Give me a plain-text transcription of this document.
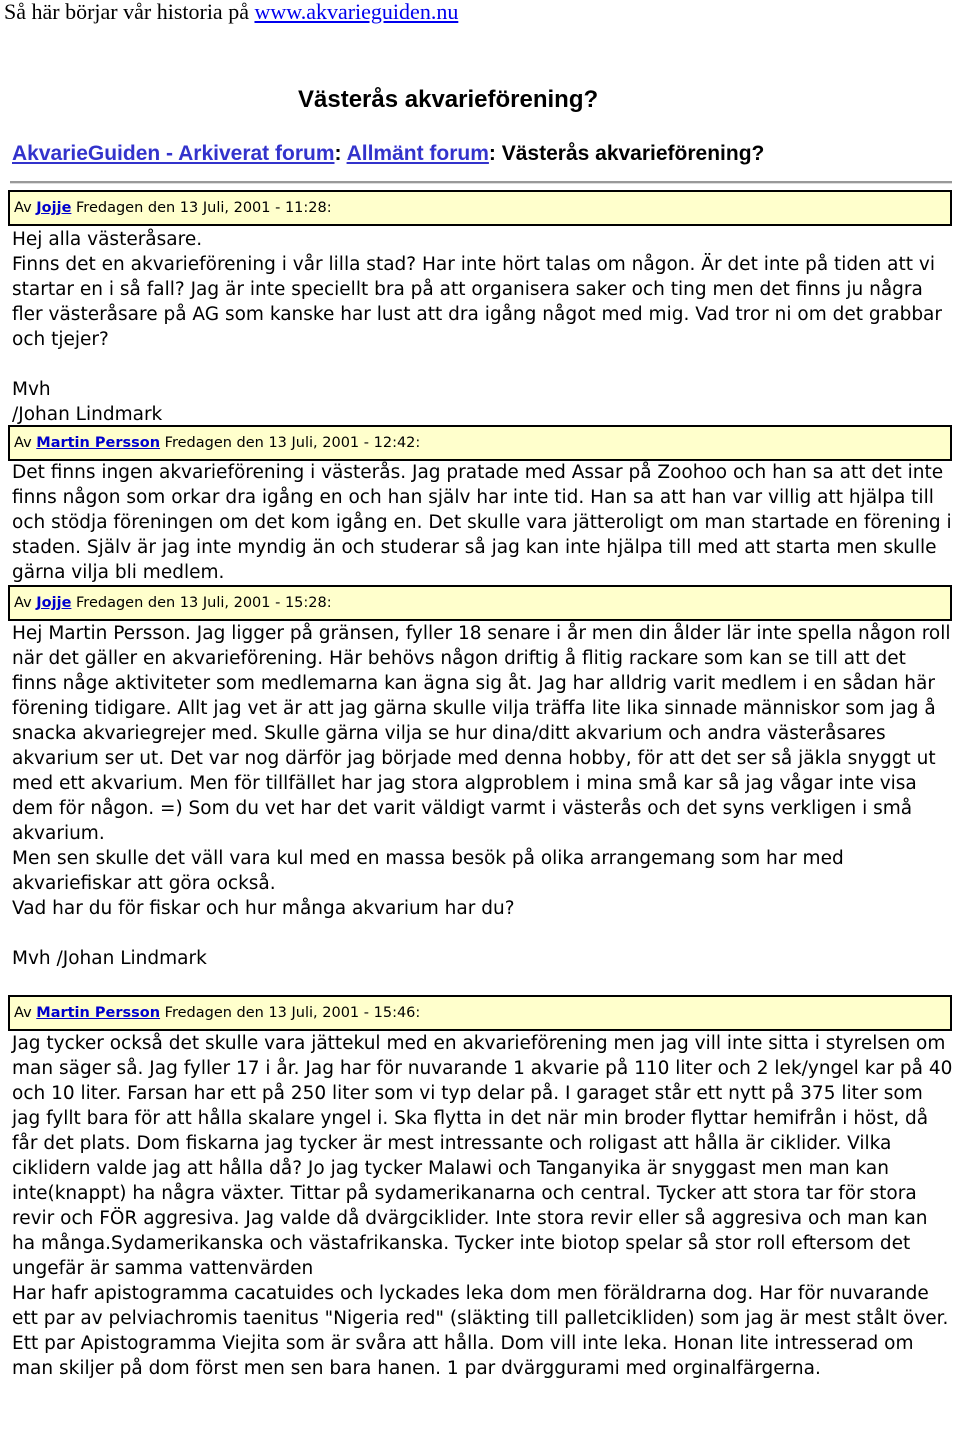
Så här börjar vår historia på www.akvarieguiden.nu
Västerås akvarieförening?
AkvarieGuiden - Arkiverat forum: Allmänt forum: Västerås akvarieförening?
Av Jojje Fredagen den 13 Juli, 2001 - 11:28:

Hej alla västeråsare.

Finns det en akvarieförening i vår lilla stad? Har inte hört talas om någon. Är det inte på tiden att vi startar en i så fall? Jag är inte speciellt bra på att organisera saker och ting men det finns ju några fler västeråsare på AG som kanske har lust att dra igång något med mig. Vad tror ni om det grabbar och tjejer?

Mvh

/Johan Lindmark

Av Martin Persson Fredagen den 13 Juli, 2001 - 12:42:

Det finns ingen akvarieförening i västerås. Jag pratade med Assar på Zoohoo och han sa att det inte finns någon som orkar dra igång en och han själv har inte tid. Han sa att han var villig att hjälpa till och stödja föreningen om det kom igång en. Det skulle vara jätteroligt om man startade en förening i staden. Själv är jag inte myndig än och studerar så jag kan inte hjälpa till med att starta men skulle gärna vilja bli medlem.

Av Jojje Fredagen den 13 Juli, 2001 - 15:28:

Hej Martin Persson. Jag ligger på gränsen, fyller 18 senare i år men din ålder lär inte spella någon roll när det gäller en akvarieförening. Här behövs någon driftig å flitig rackare som kan se till att det finns någe aktiviteter som medlemarna kan ägna sig åt. Jag har alldrig varit medlem i en sådan här förening tidigare. Allt jag vet är att jag gärna skulle vilja träffa lite lika sinnade människor som jag å snacka akvariegrejer med. Skulle gärna vilja se hur dina/ditt akvarium och andra västeråsares akvarium ser ut. Det var nog därför jag började med denna hobby, för att det ser så jäkla snyggt ut med ett akvarium. Men för tillfället har jag stora algproblem i mina små kar så jag vågar inte visa dem för någon. =) Som du vet har det varit väldigt varmt i västerås och det syns verkligen i små akvarium.

Men sen skulle det väll vara kul med en massa besök på olika arrangemang som har med akvariefiskar att göra också.

Vad har du för fiskar och hur många akvarium har du?

Mvh /Johan Lindmark

Av Martin Persson Fredagen den 13 Juli, 2001 - 15:46:

Jag tycker också det skulle vara jättekul med en akvarieförening men jag vill inte sitta i styrelsen om man säger så. Jag fyller 17 i år. Jag har för nuvarande 1 akvarie på 110 liter och 2 lek/yngel kar på 40 och 10 liter. Farsan har ett på 250 liter som vi typ delar på. I garaget står ett nytt på 375 liter som jag fyllt bara för att hålla skalare yngel i. Ska flytta in det när min broder flyttar hemifrån i höst, då får det plats. Dom fiskarna jag tycker är mest intressante och roligast att hålla är ciklider. Vilka ciklidern valde jag att hålla då? Jo jag tycker Malawi och Tanganyika är snyggast men man kan inte(knappt) ha några växter. Tittar på sydamerikanarna och central. Tycker att stora tar för stora revir och FÖR aggresiva. Jag valde då dvärgciklider. Inte stora revir eller så aggresiva och man kan ha många.Sydamerikanska och västafrikanska. Tycker inte biotop spelar så stor roll eftersom det ungefär är samma vattenvärden

Har hafr apistogramma cacatuides och lyckades leka dom men föräldrarna dog. Har för nuvarande ett par av pelviachromis taenitus "Nigeria red" (släkting till palletcikliden) som jag är mest stålt över. Ett par Apistogramma Viejita som är svåra att hålla. Dom vill inte leka. Honan lite intresserad om man skiljer på dom först men sen bara hanen. 1 par dvärggurami med orginalfärgerna.
